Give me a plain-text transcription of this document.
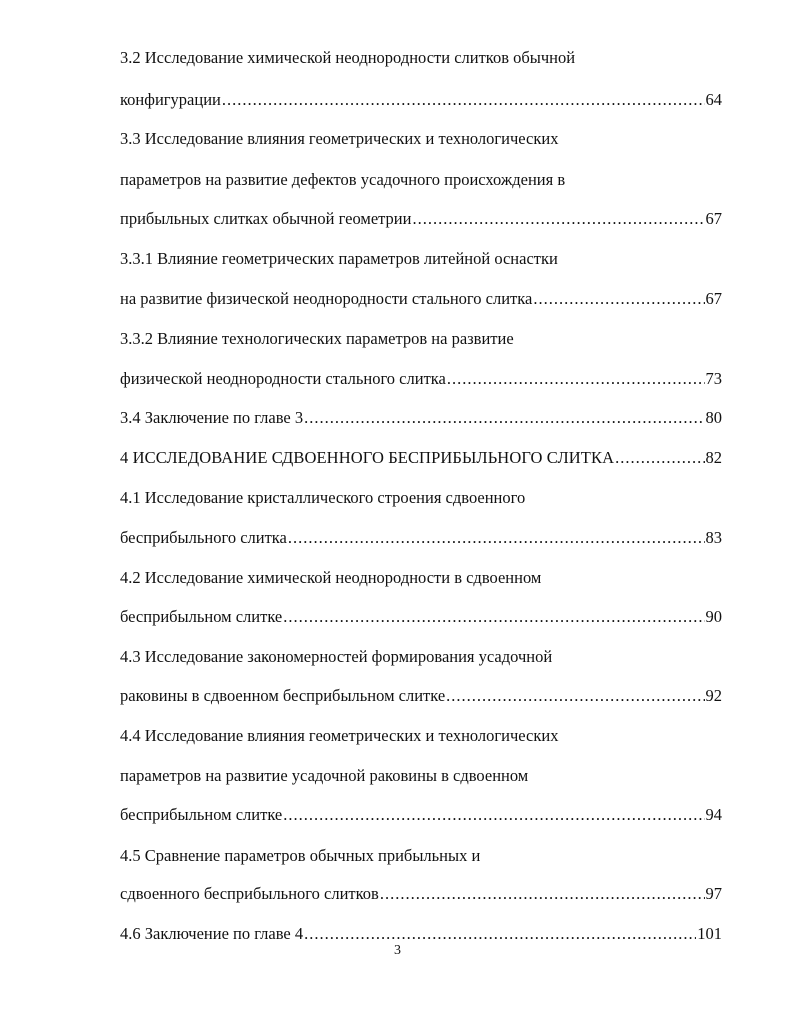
3.2 Исследование химической неоднородности слитков обычной
конфигурации .....	64
3.3 Исследование влияния геометрических и технологических
параметров на развитие дефектов усадочного происхождения в
прибыльных слитках обычной геометрии .....	67
3.3.1 Влияние геометрических параметров литейной оснастки
на развитие физической неоднородности стального слитка .....	67
3.3.2 Влияние технологических параметров на развитие
физической неоднородности стального слитка .....	73
3.4 Заключение по главе 3 .....	80
4 ИССЛЕДОВАНИЕ СДВОЕННОГО БЕСПРИБЫЛЬНОГО СЛИТКА .....	82
4.1 Исследование кристаллического строения сдвоенного
бесприбыльного слитка .....	83
4.2 Исследование химической неоднородности в сдвоенном
бесприбыльном слитке .....	90
4.3 Исследование закономерностей формирования усадочной
раковины в сдвоенном бесприбыльном слитке .....	92
4.4 Исследование влияния геометрических и технологических
параметров на развитие усадочной раковины в сдвоенном
бесприбыльном слитке .....	94
4.5 Сравнение параметров обычных прибыльных и
сдвоенного бесприбыльного слитков .....	97
4.6 Заключение по главе 4 .....	101
3
